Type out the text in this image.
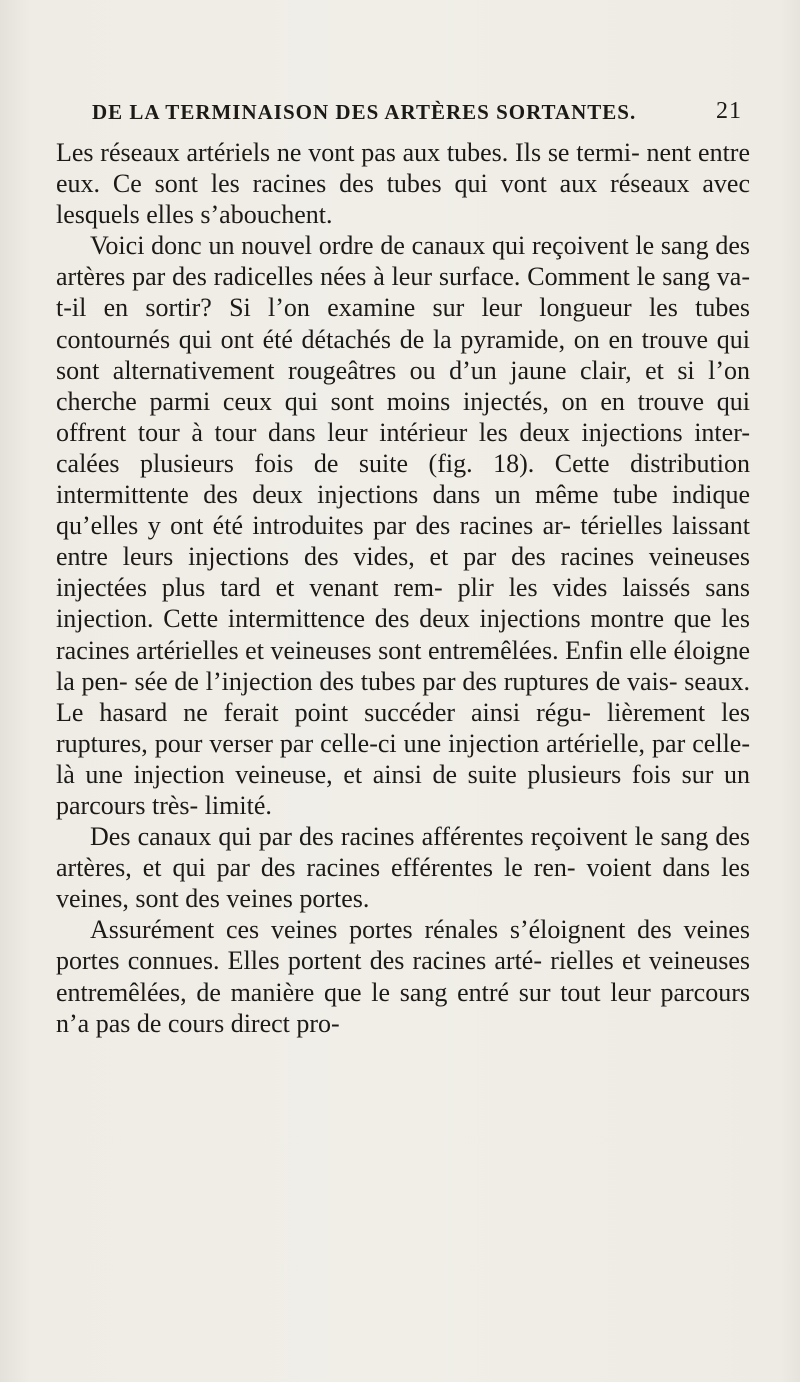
DE LA TERMINAISON DES ARTÈRES SORTANTES.	21

Les réseaux artériels ne vont pas aux tubes. Ils se termi- nent entre eux. Ce sont les racines des tubes qui vont aux réseaux avec lesquels elles s’abouchent.

Voici donc un nouvel ordre de canaux qui reçoivent le sang des artères par des radicelles nées à leur surface. Comment le sang va-t-il en sortir? Si l’on examine sur leur longueur les tubes contournés qui ont été détachés de la pyramide, on en trouve qui sont alternativement rougeâtres ou d’un jaune clair, et si l’on cherche parmi ceux qui sont moins injectés, on en trouve qui offrent tour à tour dans leur intérieur les deux injections inter- calées plusieurs fois de suite (fig. 18). Cette distribution intermittente des deux injections dans un même tube indique qu’elles y ont été introduites par des racines ar- térielles laissant entre leurs injections des vides, et par des racines veineuses injectées plus tard et venant rem- plir les vides laissés sans injection. Cette intermittence des deux injections montre que les racines artérielles et veineuses sont entremêlées. Enfin elle éloigne la pen- sée de l’injection des tubes par des ruptures de vais- seaux. Le hasard ne ferait point succéder ainsi régu- lièrement les ruptures, pour verser par celle-ci une injection artérielle, par celle-là une injection veineuse, et ainsi de suite plusieurs fois sur un parcours très- limité.

Des canaux qui par des racines afférentes reçoivent le sang des artères, et qui par des racines efférentes le ren- voient dans les veines, sont des veines portes.

Assurément ces veines portes rénales s’éloignent des veines portes connues. Elles portent des racines arté- rielles et veineuses entremêlées, de manière que le sang entré sur tout leur parcours n’a pas de cours direct pro-
